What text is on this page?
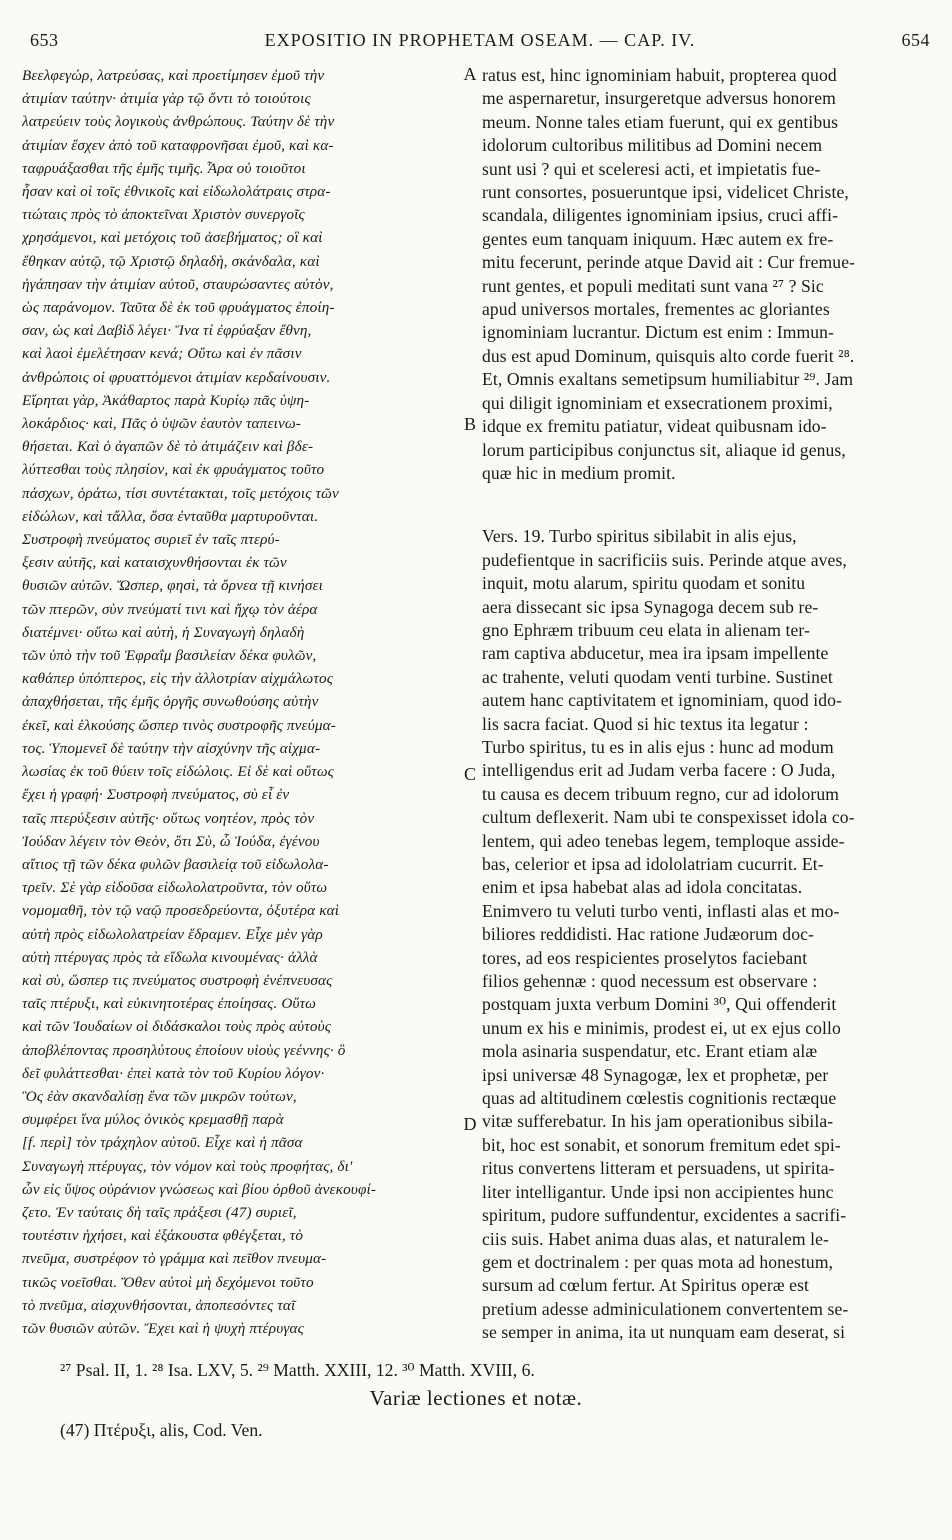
653	EXPOSITIO IN PROPHETAM OSEAM. — CAP. IV.	654
Βεελφεγώρ, λατρεύσας, καὶ προετίμησεν ἐμοῦ τὴν
ἀτιμίαν ταύτην· ἀτιμία γὰρ τῷ ὄντι τὸ τοιούτοις
λατρεύειν τοὺς λογικοὺς ἀνθρώπους. Ταύτην δὲ τὴν
ἀτιμίαν ἔσχεν ἀπὸ τοῦ καταφρονῆσαι ἐμοῦ, καὶ κα-
ταφρυάξασθαι τῆς ἐμῆς τιμῆς. Ἆρα οὐ τοιοῦτοι
ἦσαν καὶ οἱ τοῖς ἐθνικοῖς καὶ εἰδωλολάτραις στρα-
τιώταις πρὸς τὸ ἀποκτεῖναι Χριστὸν συνεργοῖς
χρησάμενοι, καὶ μετόχοις τοῦ ἀσεβήματος; οἳ καὶ
ἔθηκαν αὐτῷ, τῷ Χριστῷ δηλαδὴ, σκάνδαλα, καὶ
ἠγάπησαν τὴν ἀτιμίαν αὐτοῦ, σταυρώσαντες αὐτὸν,
ὡς παράνομον. Ταῦτα δὲ ἐκ τοῦ φρυάγματος ἐποίη-
σαν, ὡς καὶ Δαβὶδ λέγει· Ἵνα τί ἐφρύαξαν ἔθνη,
καὶ λαοὶ ἐμελέτησαν κενά; Οὕτω καὶ ἐν πᾶσιν
ἀνθρώποις οἱ φρυαττόμενοι ἀτιμίαν κερδαίνουσιν.
Εἴρηται γὰρ, Ἀκάθαρτος παρὰ Κυρίῳ πᾶς ὑψη-
λοκάρδιος· καὶ, Πᾶς ὁ ὑψῶν ἑαυτὸν ταπεινω-
θήσεται. Καὶ ὁ ἀγαπῶν δὲ τὸ ἀτιμάζειν καὶ βδε-
λύττεσθαι τοὺς πλησίον, καὶ ἐκ φρυάγματος τοῦτο
πάσχων, ὁράτω, τίσι συντέτακται, τοῖς μετόχοις τῶν
εἰδώλων, καὶ τἄλλα, ὅσα ἐνταῦθα μαρτυροῦνται.
Συστροφὴ πνεύματος συριεῖ ἐν ταῖς πτερύ-
ξεσιν αὐτῆς, καὶ καταισχυνθήσονται ἐκ τῶν
θυσιῶν αὐτῶν. Ὥσπερ, φησὶ, τὰ ὄρνεα τῇ κινήσει
τῶν πτερῶν, σὺν πνεύματί τινι καὶ ἤχῳ τὸν ἀέρα
διατέμνει· οὕτω καὶ αὐτὴ, ἡ Συναγωγὴ δηλαδὴ
τῶν ὑπὸ τὴν τοῦ Ἐφραΐμ βασιλείαν δέκα φυλῶν,
καθάπερ ὑπόπτερος, εἰς τὴν ἀλλοτρίαν αἰχμάλωτος
ἀπαχθήσεται, τῆς ἐμῆς ὀργῆς συνωθούσης αὐτὴν
ἐκεῖ, καὶ ἑλκούσης ὥσπερ τινὸς συστροφῆς πνεύμα-
τος. Ὑπομενεῖ δὲ ταύτην τὴν αἰσχύνην τῆς αἰχμα-
λωσίας ἐκ τοῦ θύειν τοῖς εἰδώλοις. Εἰ δὲ καὶ οὕτως
ἔχει ἡ γραφή· Συστροφὴ πνεύματος, σὺ εἶ ἐν
ταῖς πτερύξεσιν αὐτῆς· οὕτως νοητέον, πρὸς τὸν
Ἰούδαν λέγειν τὸν Θεὸν, ὅτι Σὺ, ὦ Ἰούδα, ἐγένου
αἴτιος τῇ τῶν δέκα φυλῶν βασιλείᾳ τοῦ εἰδωλολα-
τρεῖν. Σὲ γὰρ εἰδοῦσα εἰδωλολατροῦντα, τὸν οὕτω
νομομαθῆ, τὸν τῷ ναῷ προσεδρεύοντα, ὀξυτέρα καὶ
αὐτὴ πρὸς εἰδωλολατρείαν ἔδραμεν. Εἶχε μὲν γὰρ
αὐτὴ πτέρυγας πρὸς τὰ εἴδωλα κινουμένας· ἀλλὰ
καὶ σὺ, ὥσπερ τις πνεύματος συστροφὴ ἐνέπνευσας
ταῖς πτέρυξι, καὶ εὐκινητοτέρας ἐποίησας. Οὕτω
καὶ τῶν Ἰουδαίων οἱ διδάσκαλοι τοὺς πρὸς αὐτοὺς
ἀποβλέποντας προσηλύτους ἐποίουν υἱοὺς γεέννης· ὃ
δεῖ φυλάττεσθαι· ἐπεὶ κατὰ τὸν τοῦ Κυρίου λόγον·
Ὃς ἐὰν σκανδαλίσῃ ἕνα τῶν μικρῶν τούτων,
συμφέρει ἵνα μύλος ὀνικὸς κρεμασθῇ παρὰ
[f. περὶ] τὸν τράχηλον αὐτοῦ. Εἶχε καὶ ἡ πᾶσα
Συναγωγὴ πτέρυγας, τὸν νόμον καὶ τοὺς προφήτας, δι'
ὧν εἰς ὕψος οὐράνιον γνώσεως καὶ βίου ὀρθοῦ ἀνεκουφί-
ζετο. Ἐν ταύταις δὴ ταῖς πράξεσι (47) συριεῖ,
τουτέστιν ἠχήσει, καὶ ἐξάκουστα φθέγξεται, τὸ
πνεῦμα, συστρέφον τὸ γράμμα καὶ πεῖθον πνευμα-
τικῶς νοεῖσθαι. Ὅθεν αὐτοὶ μὴ δεχόμενοι τοῦτο
τὸ πνεῦμα, αἰσχυνθήσονται, ἀποπεσόντες ταῖ
τῶν θυσιῶν αὐτῶν. Ἔχει καὶ ἡ ψυχὴ πτέρυγας
ratus est, hinc ignominiam habuit, propterea quod
me aspernaretur, insurgeretque adversus honorem
meum. Nonne tales etiam fuerunt, qui ex gentibus
idolorum cultoribus militibus ad Domini necem
sunt usi ? qui et sceleresi acti, et impietatis fue-
runt consortes, posueruntque ipsi, videlicet Christe,
scandala, diligentes ignominiam ipsius, cruci affi-
gentes eum tanquam iniquum. Hæc autem ex fre-
mitu fecerunt, perinde atque David ait : Cur fremue-
runt gentes, et populi meditati sunt vana ²⁷ ? Sic
apud universos mortales, frementes ac gloriantes
ignominiam lucrantur. Dictum est enim : Immun-
dus est apud Dominum, quisquis alto corde fuerit ²⁸.
Et, Omnis exaltans semetipsum humiliabitur ²⁹. Jam
qui diligit ignominiam et exsecrationem proximi,
idque ex fremitu patiatur, videat quibusnam ido-
lorum participibus conjunctus sit, aliaque id genus,
quæ hic in medium promit.
Vers. 19. Turbo spiritus sibilabit in alis ejus,
pudefientque in sacrificiis suis. Perinde atque aves,
inquit, motu alarum, spiritu quodam et sonitu
aera dissecant sic ipsa Synagoga decem sub re-
gno Ephræm tribuum ceu elata in alienam ter-
ram captiva abducetur, mea ira ipsam impellente
ac trahente, veluti quodam venti turbine. Sustinet
autem hanc captivitatem et ignominiam, quod ido-
lis sacra faciat. Quod si hic textus ita legatur :
Turbo spiritus, tu es in alis ejus : hunc ad modum
intelligendus erit ad Judam verba facere : O Juda,
tu causa es decem tribuum regno, cur ad idolorum
cultum deflexerit. Nam ubi te conspexisset idola co-
lentem, qui adeo tenebas legem, temploque asside-
bas, celerior et ipsa ad idololatriam cucurrit. Et-
enim et ipsa habebat alas ad idola concitatas.
Enimvero tu veluti turbo venti, inflasti alas et mo-
biliores reddidisti. Hac ratione Judæorum doc-
tores, ad eos respicientes proselytos faciebant
filios gehennæ : quod necessum est observare :
postquam juxta verbum Domini ³⁰, Qui offenderit
unum ex his e minimis, prodest ei, ut ex ejus collo
mola asinaria suspendatur, etc. Erant etiam alæ
ipsi universæ 48 Synagogæ, lex et prophetæ, per
quas ad altitudinem cœlestis cognitionis rectæque
vitæ sufferebatur. In his jam operationibus sibila-
bit, hoc est sonabit, et sonorum fremitum edet spi-
ritus convertens litteram et persuadens, ut spirita-
liter intelligantur. Unde ipsi non accipientes hunc
spiritum, pudore suffundentur, excidentes a sacrifi-
ciis suis. Habet anima duas alas, et naturalem le-
gem et doctrinalem : per quas mota ad honestum,
sursum ad cœlum fertur. At Spiritus operæ est
pretium adesse adminiculationem convertentem se-
se semper in anima, ita ut nunquam eam deserat, si
A
B
C
D
²⁷ Psal. II, 1. ²⁸ Isa. LXV, 5. ²⁹ Matth. XXIII, 12. ³⁰ Matth. XVIII, 6.
Variæ lectiones et notæ.
(47) Πτέρυξι, alis, Cod. Ven.
